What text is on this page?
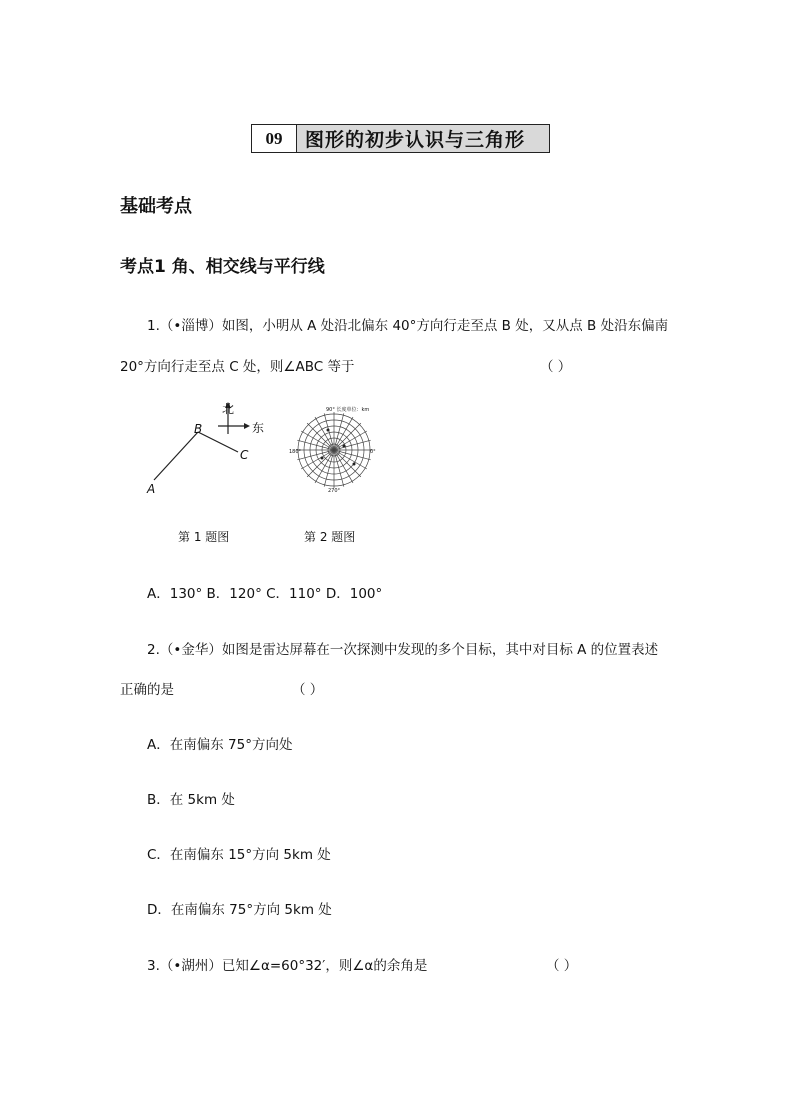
09	图形的初步认识与三角形
基础考点
考点1 角、相交线与平行线
1.（•淄博）如图，小明从 A 处沿北偏东 40°方向行走至点 B 处，又从点 B 处沿东偏南
20°方向行走至点 C 处，则∠ABC 等于	（ ）
北
东
B
C
A
第 1 题图
90° 长度单位：km
180°	0°
270°
第 2 题图
A．130° B．120° C．110° D．100°
2.（•金华）如图是雷达屏幕在一次探测中发现的多个目标，其中对目标 A 的位置表述
正确的是	（ ）
A．在南偏东 75°方向处
B．在 5km 处
C．在南偏东 15°方向 5km 处
D．在南偏东 75°方向 5km 处
3.（•湖州）已知∠α=60°32′，则∠α的余角是	（ ）
